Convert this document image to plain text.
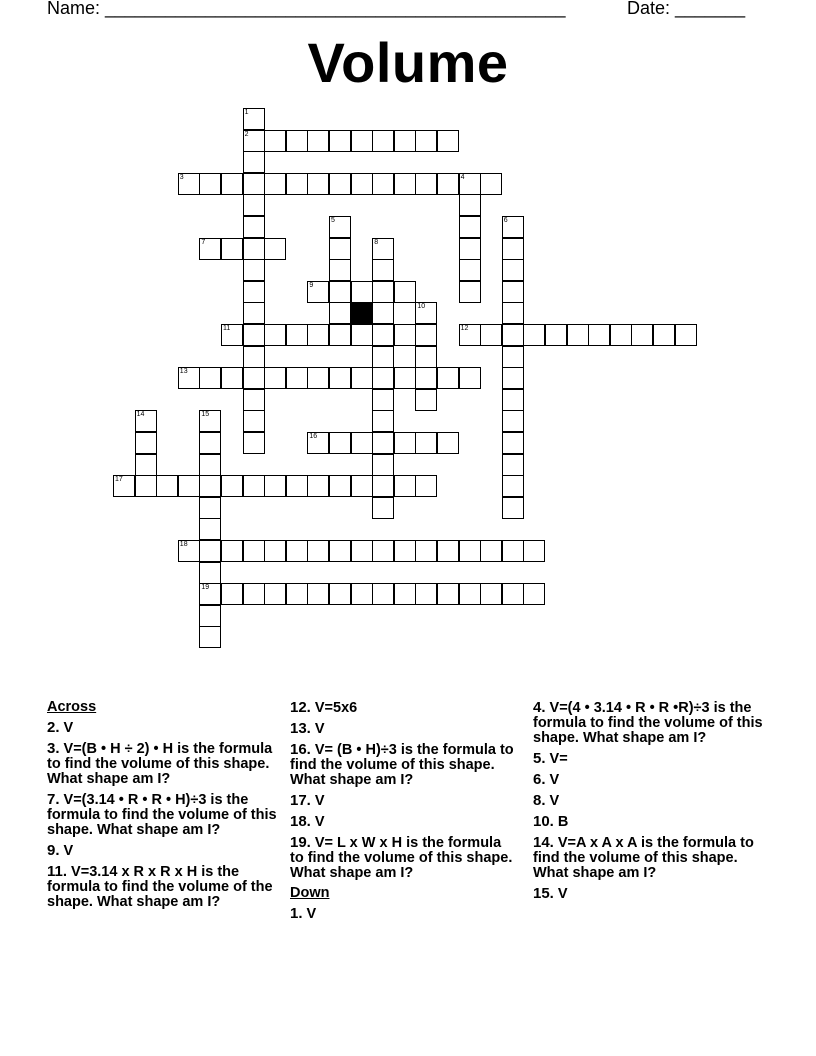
Name: ______________________________________________	Date: _______
Volume
1
2
3	4
5	6
7	8
9
10
11	12
13
14	15
16
17
18
19
Across
2. V
3. V=(B • H ÷ 2) • H is the formula to find the volume of this shape. What shape am I?
7. V=(3.14 • R • R • H)÷3 is the formula to find the volume of this shape. What shape am I?
9. V
11. V=3.14 x R x R x H is the formula to find the volume of the shape. What shape am I?
12. V=5x6
13. V
16. V= (B • H)÷3 is the formula to find the volume of this shape. What shape am I?
17. V
18. V
19. V= L x W x H is the formula to find the volume of this shape. What shape am I?
Down
1. V
4. V=(4 • 3.14 • R • R •R)÷3 is the formula to find the volume of this shape. What shape am I?
5. V=
6. V
8. V
10. B
14. V=A x A x A is the formula to find the volume of this shape. What shape am I?
15. V
